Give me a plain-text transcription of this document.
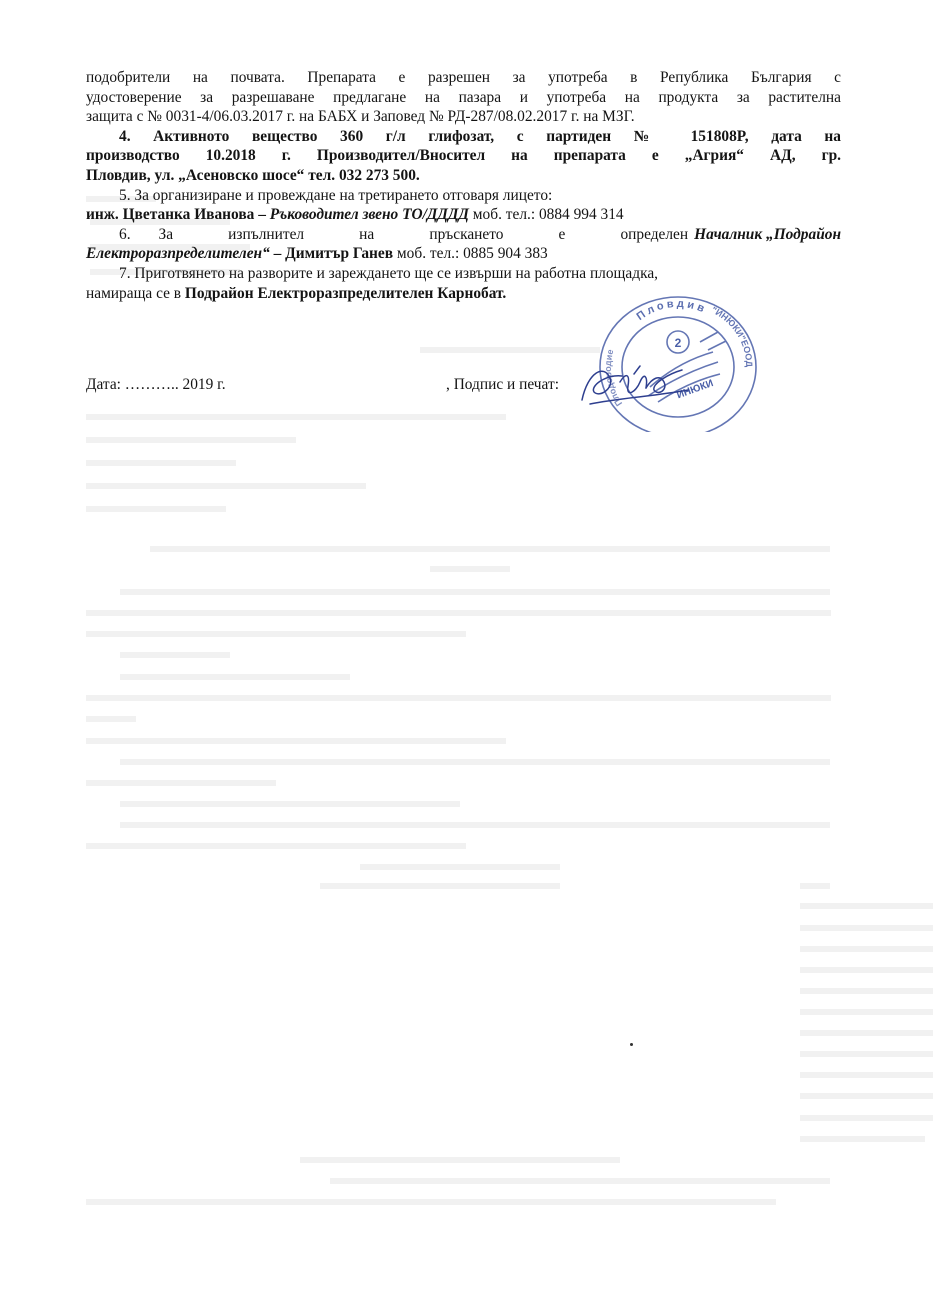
подобрители на почвата. Препарата е разрешен за употреба в Република България с
удостоверение за разрешаване предлагане на пазара и употреба на продукта за растителна
защита с № 0031-4/06.03.2017 г. на БАБХ и Заповед № РД-287/08.02.2017 г. на МЗГ.

4. Активното вещество 360 г/л глифозат, с партиден № 151808P, дата на
производство 10.2018 г. Производител/Вносител на препарата е „Агрия“ АД, гр.
Пловдив, ул. „Асеновско шосе“ тел. 032 273 500.

5. За организиране и провеждане на третирането отговаря лицето:
инж. Цветанка Иванова – Ръководител звено ТО/ДДДД моб. тел.: 0884 994 314

6. За изпълнител на пръскането е определен Началник „Подрайон
Електроразпределителен“ – Димитър Ганев моб. тел.: 0885 904 383

7. Приготвянето на разворите и зареждането ще се извърши на работна площадка,
намираща се в Подрайон Електроразпределителен Карнобат.

Дата: ……….. 2019 г.	, Подпис и печат:
Пловдив "ИНЮКИ"ЕООД
Плодородие
2
ИНЮКИ
